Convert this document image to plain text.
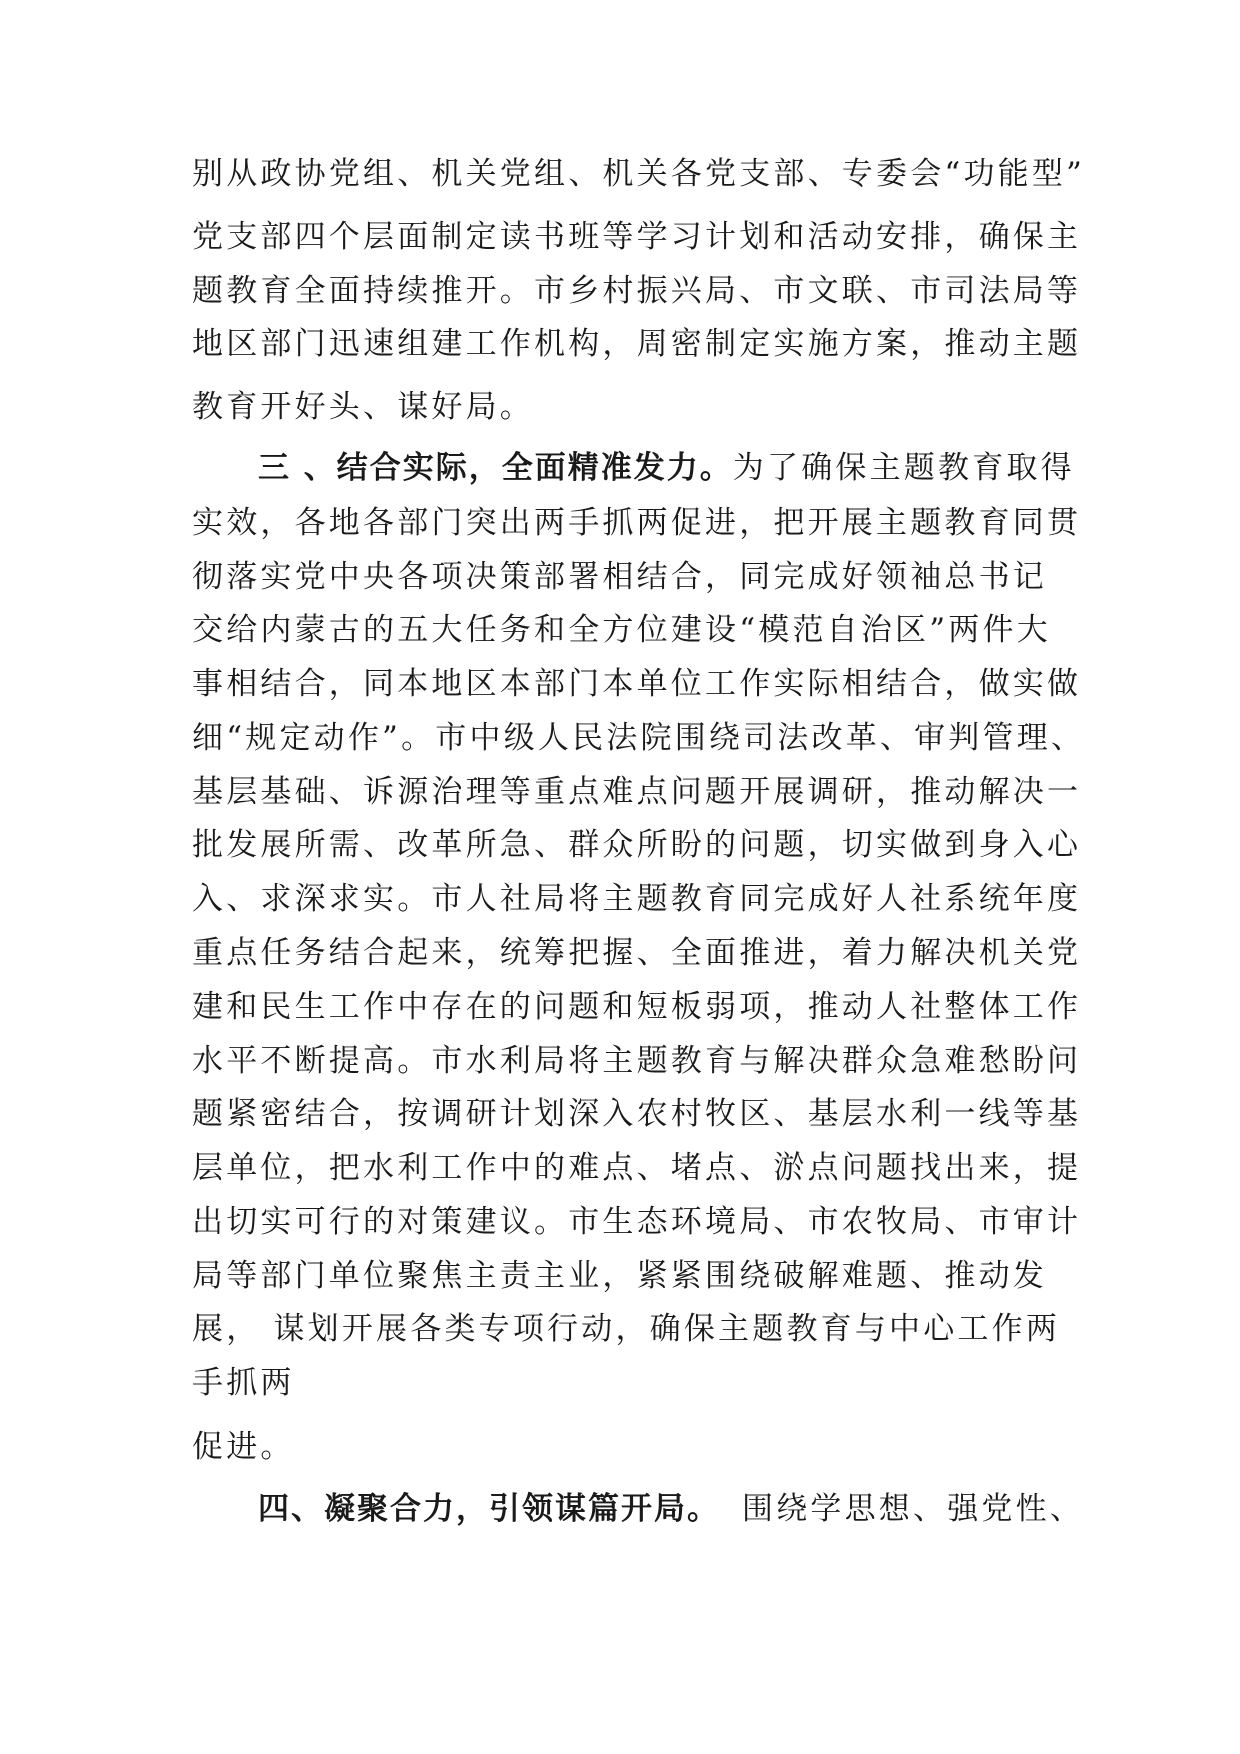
别从政协党组、机关党组、机关各党支部、专委会“功能型”
党支部四个层面制定读书班等学习计划和活动安排，确保主
题教育全面持续推开。市乡村振兴局、市文联、市司法局等
地区部门迅速组建工作机构，周密制定实施方案，推动主题
教育开好头、谋好局。
三 、结合实际，全面精准发力。为了确保主题教育取得
实效，各地各部门突出两手抓两促进，把开展主题教育同贯
彻落实党中央各项决策部署相结合，同完成好领袖总书记
交给内蒙古的五大任务和全方位建设“模范自治区”两件大
事相结合，同本地区本部门本单位工作实际相结合，做实做
细“规定动作”。市中级人民法院围绕司法改革、审判管理、
基层基础、诉源治理等重点难点问题开展调研，推动解决一
批发展所需、改革所急、群众所盼的问题，切实做到身入心
入、求深求实。市人社局将主题教育同完成好人社系统年度
重点任务结合起来，统筹把握、全面推进，着力解决机关党
建和民生工作中存在的问题和短板弱项，推动人社整体工作
水平不断提高。市水利局将主题教育与解决群众急难愁盼问
题紧密结合，按调研计划深入农村牧区、基层水利一线等基
层单位，把水利工作中的难点、堵点、淤点问题找出来，提
出切实可行的对策建议。市生态环境局、市农牧局、市审计
局等部门单位聚焦主责主业，紧紧围绕破解难题、推动发
展， 谋划开展各类专项行动，确保主题教育与中心工作两
手抓两
促进。
四、凝聚合力，引领谋篇开局。 围绕学思想、强党性、
